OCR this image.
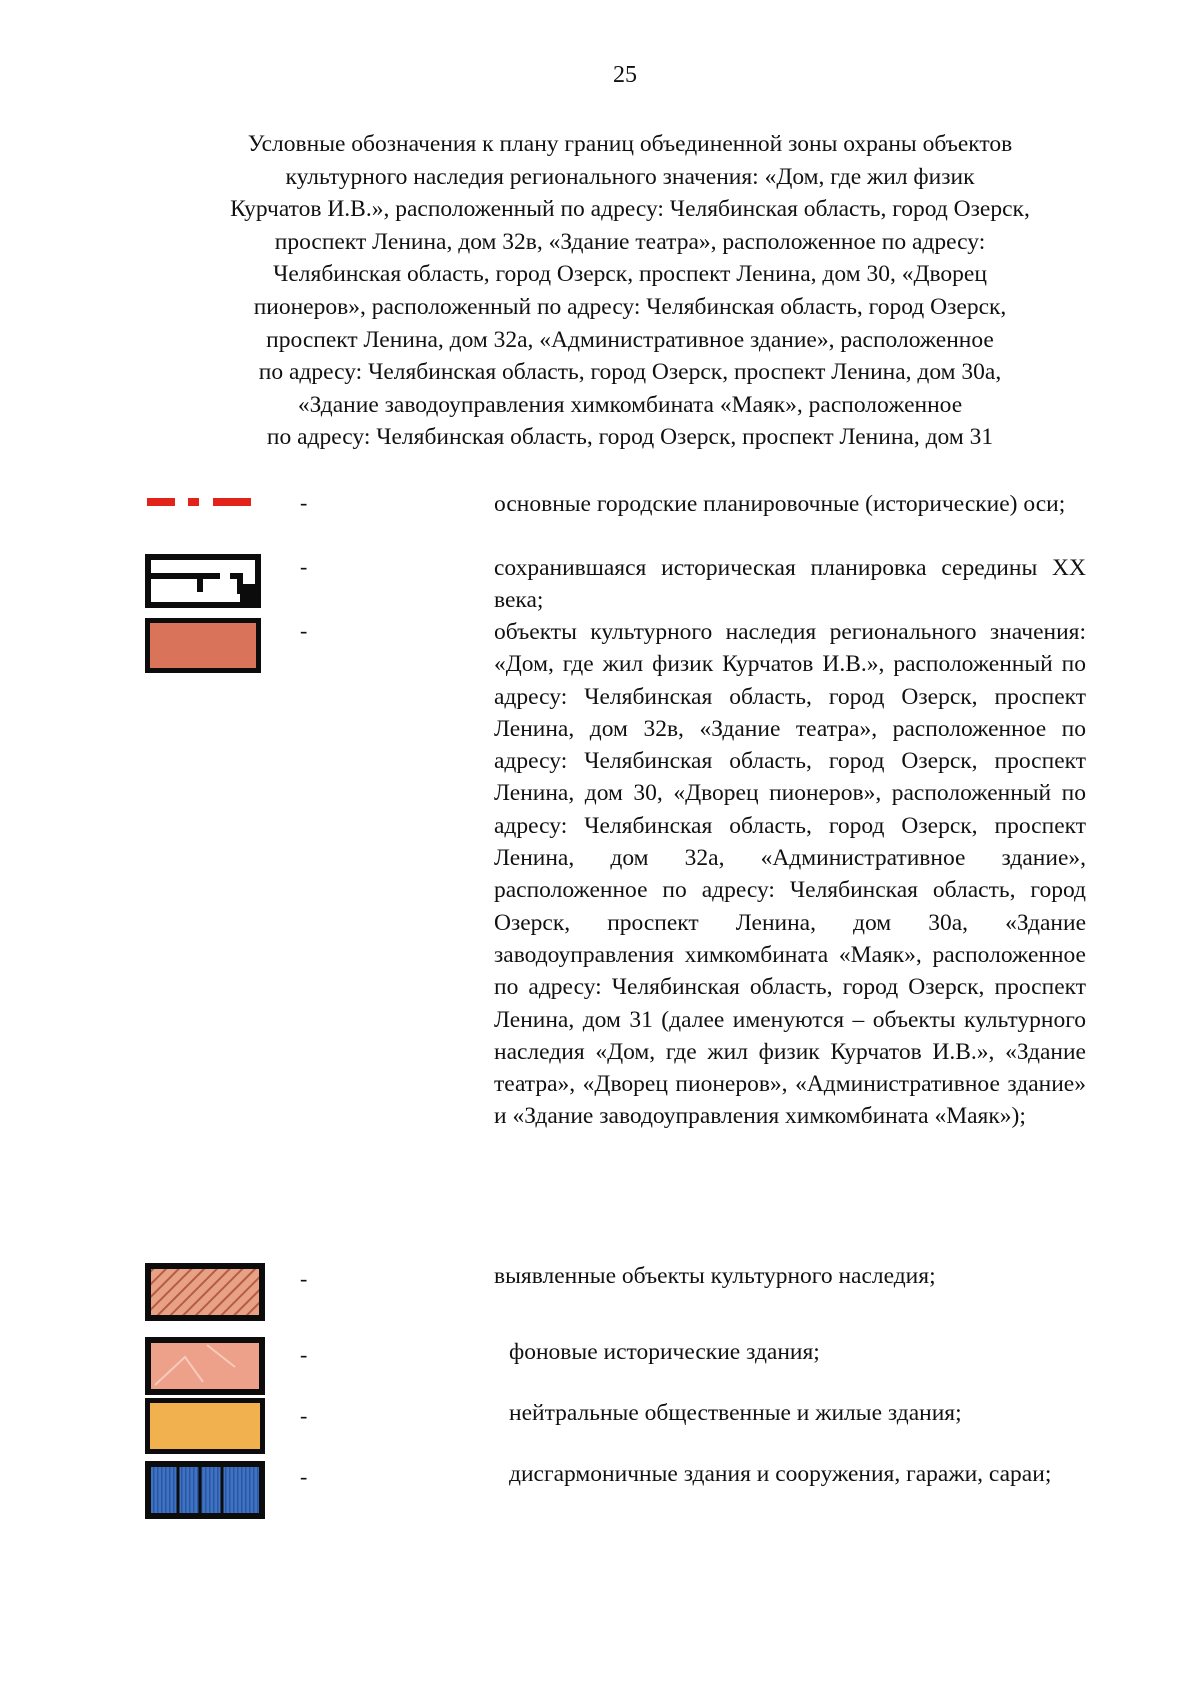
25
Условные обозначения к плану границ объединенной зоны охраны объектов
культурного наследия регионального значения: «Дом, где жил физик
Курчатов И.В.», расположенный по адресу: Челябинская область, город Озерск,
проспект Ленина, дом 32в, «Здание театра», расположенное по адресу:
Челябинская область, город Озерск, проспект Ленина, дом 30, «Дворец
пионеров», расположенный по адресу: Челябинская область, город Озерск,
проспект Ленина, дом 32а, «Административное здание», расположенное
по адресу: Челябинская область, город Озерск, проспект Ленина, дом 30а,
«Здание заводоуправления химкомбината «Маяк», расположенное
по адресу: Челябинская область, город Озерск, проспект Ленина, дом 31
-	основные городские планировочные (исторические) оси;
-	сохранившаяся историческая планировка середины XX века;
-	объекты культурного наследия регионального значения: «Дом, где жил физик Курчатов И.В.», расположенный по адресу: Челябинская область, город Озерск, проспект Ленина, дом 32в, «Здание театра», расположенное по адресу: Челябинская область, город Озерск, проспект Ленина, дом 30, «Дворец пионеров», расположенный по адресу: Челябинская область, город Озерск, проспект Ленина, дом 32а, «Административное здание», расположенное по адресу: Челябинская область, город Озерск, проспект Ленина, дом 30а, «Здание заводоуправления химкомбината «Маяк», расположенное по адресу: Челябинская область, город Озерск, проспект Ленина, дом 31 (далее именуются – объекты культурного наследия «Дом, где жил физик Курчатов И.В.», «Здание театра», «Дворец пионеров», «Административное здание» и «Здание заводоуправления химкомбината «Маяк»);
-	выявленные объекты культурного наследия;
-	фоновые исторические здания;
-	нейтральные общественные и жилые здания;
-	дисгармоничные здания и сооружения, гаражи, сараи;
